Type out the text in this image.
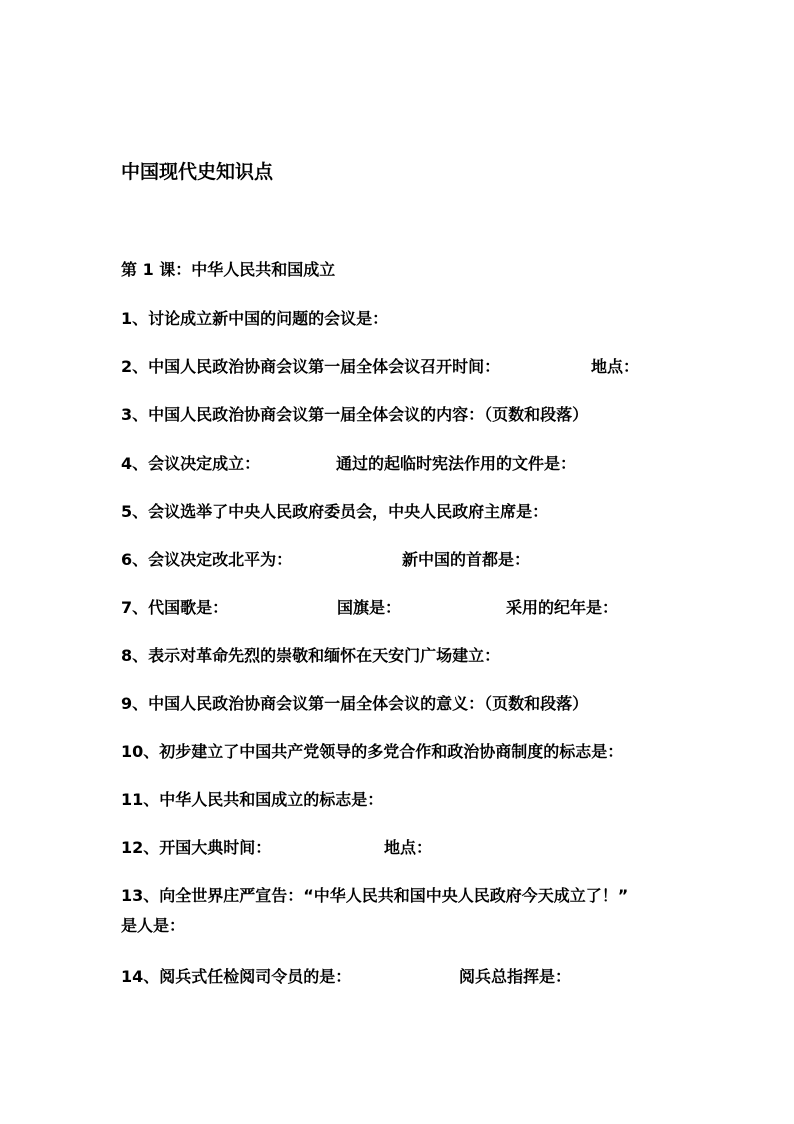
中国现代史知识点
第 1 课：中华人民共和国成立
1、讨论成立新中国的问题的会议是：
2、中国人民政治协商会议第一届全体会议召开时间：	地点：
3、中国人民政治协商会议第一届全体会议的内容：（页数和段落）
4、会议决定成立：	通过的起临时宪法作用的文件是：
5、会议选举了中央人民政府委员会，中央人民政府主席是：
6、会议决定改北平为：	新中国的首都是：
7、代国歌是：	国旗是：	采用的纪年是：
8、表示对革命先烈的崇敬和缅怀在天安门广场建立：
9、中国人民政治协商会议第一届全体会议的意义：（页数和段落）
10、初步建立了中国共产党领导的多党合作和政治协商制度的标志是：
11、中华人民共和国成立的标志是：
12、开国大典时间：	地点：
13、向全世界庄严宣告：“中华人民共和国中央人民政府今天成立了！”
是人是：
14、阅兵式任检阅司令员的是：	阅兵总指挥是：
